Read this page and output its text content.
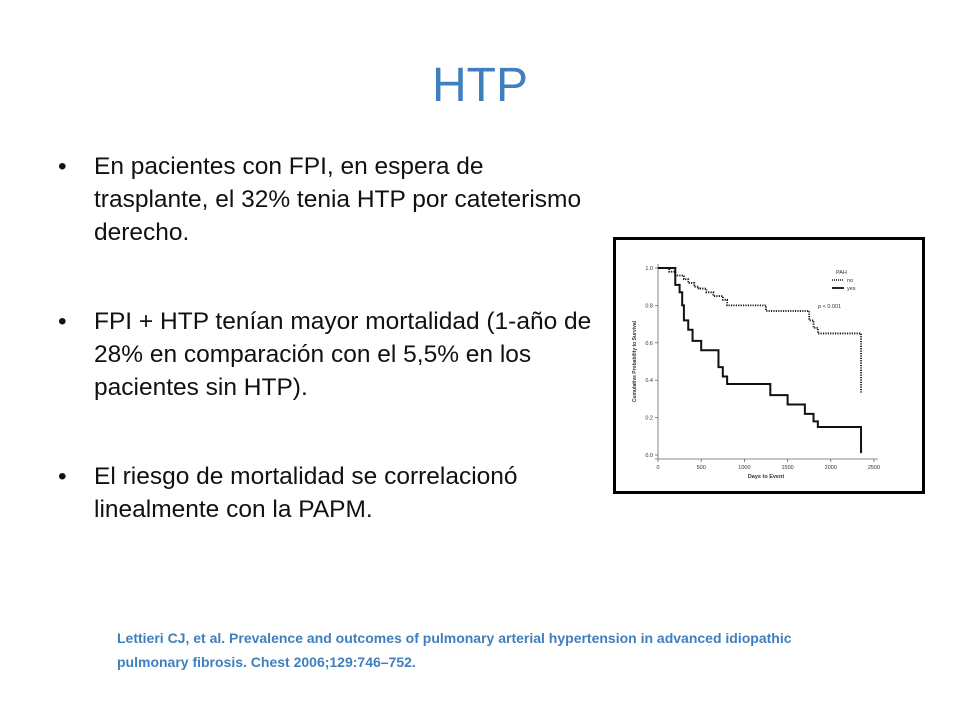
HTP
• En pacientes con FPI, en espera de trasplante, el 32% tenia HTP por cateterismo derecho.
• FPI + HTP tenían mayor mortalidad (1-año de 28% en comparación con el 5,5% en los pacientes sin HTP).
• El riesgo de mortalidad se correlacionó linealmente con la PAPM.
0.0
0.2
0.4
0.6
0.8
1.0
0	500	1000	1500	2000	2500
Days to Event
Cumulative Probability to Survival
PAH
no
yes
p < 0.001
Lettieri CJ, et al. Prevalence and outcomes of pulmonary arterial hypertension in advanced idiopathic
pulmonary fibrosis. Chest 2006;129:746–752.
